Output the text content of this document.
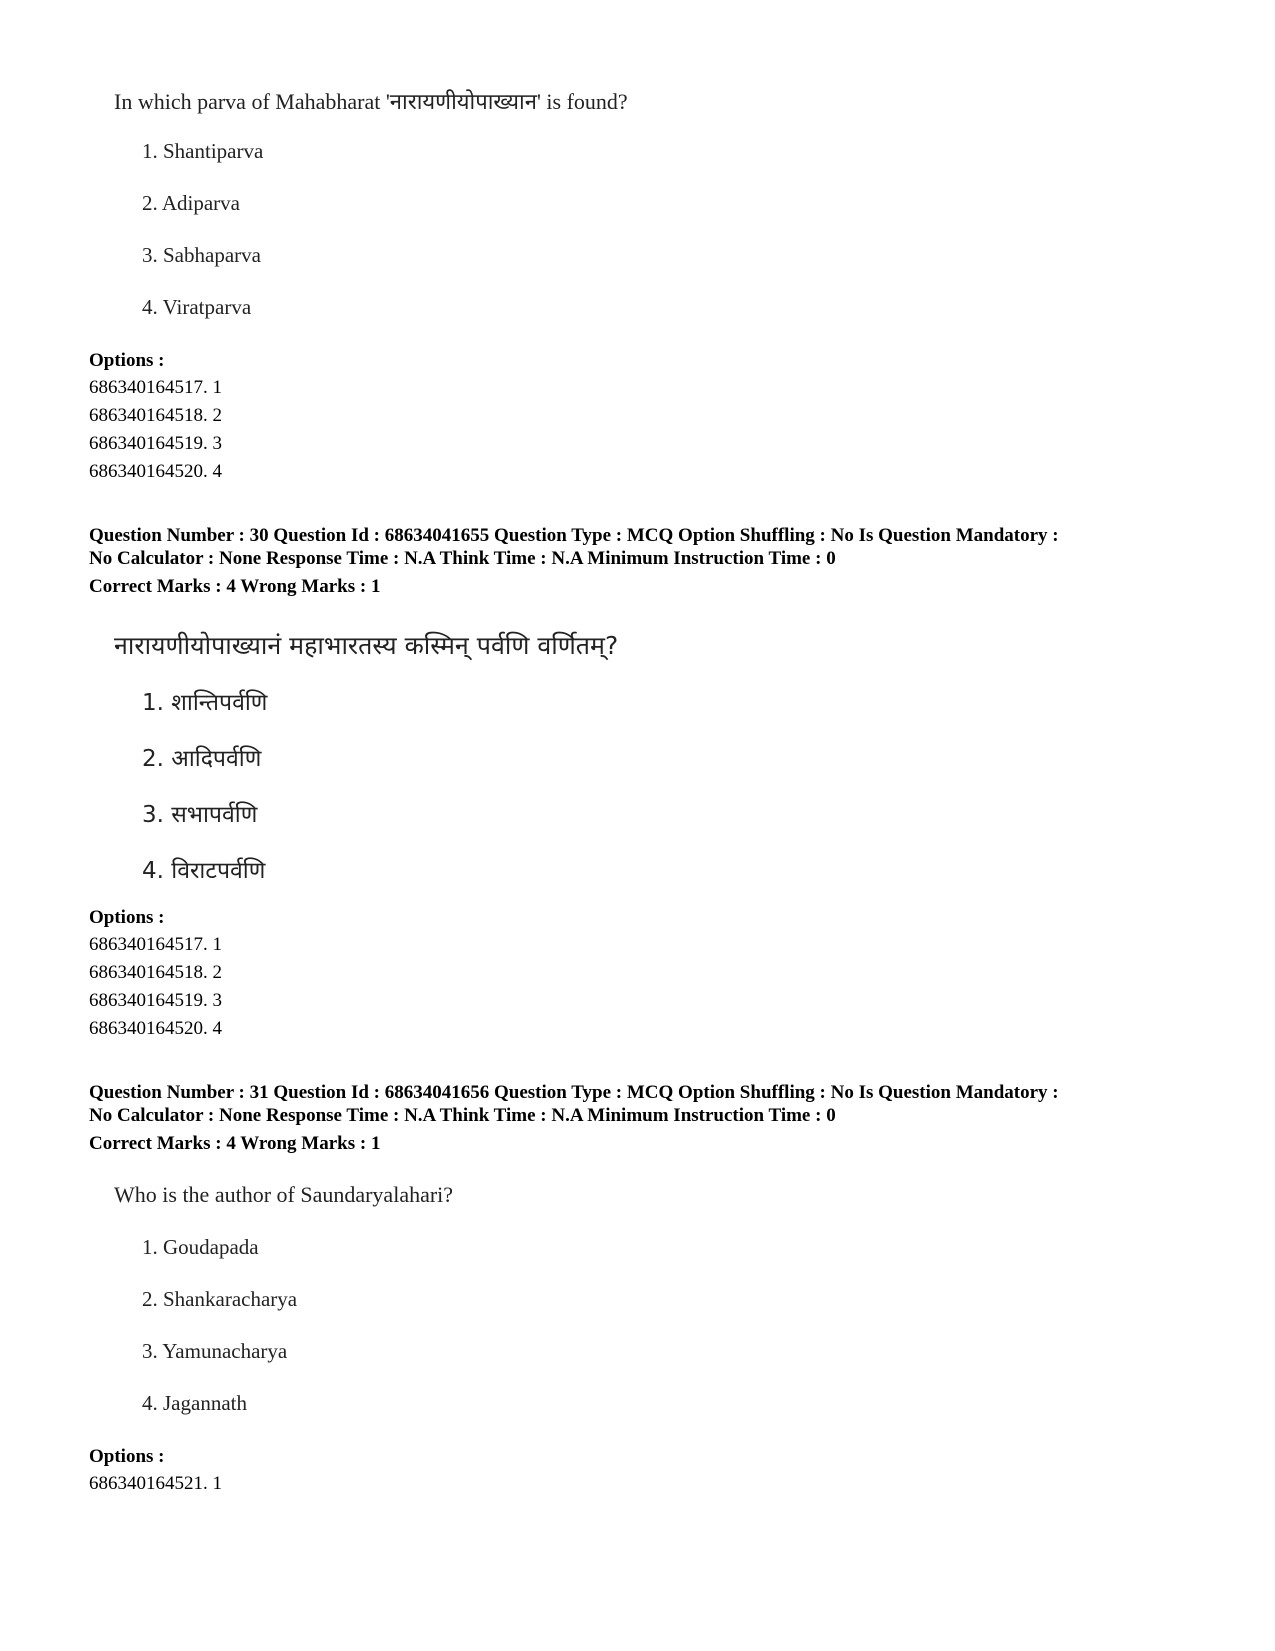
In which parva of Mahabharat 'नारायणीयोपाख्यान' is found?
1. Shantiparva
2. Adiparva
3. Sabhaparva
4. Viratparva
Options :
686340164517. 1
686340164518. 2
686340164519. 3
686340164520. 4
Question Number : 30 Question Id : 68634041655 Question Type : MCQ Option Shuffling : No Is Question Mandatory :
No Calculator : None Response Time : N.A Think Time : N.A Minimum Instruction Time : 0
Correct Marks : 4 Wrong Marks : 1
नारायणीयोपाख्यानं महाभारतस्य कस्मिन् पर्वणि वर्णितम्?
1. शान्तिपर्वणि
2. आदिपर्वणि
3. सभापर्वणि
4. विराटपर्वणि
Options :
686340164517. 1
686340164518. 2
686340164519. 3
686340164520. 4
Question Number : 31 Question Id : 68634041656 Question Type : MCQ Option Shuffling : No Is Question Mandatory :
No Calculator : None Response Time : N.A Think Time : N.A Minimum Instruction Time : 0
Correct Marks : 4 Wrong Marks : 1
Who is the author of Saundaryalahari?
1. Goudapada
2. Shankaracharya
3. Yamunacharya
4. Jagannath
Options :
686340164521. 1
